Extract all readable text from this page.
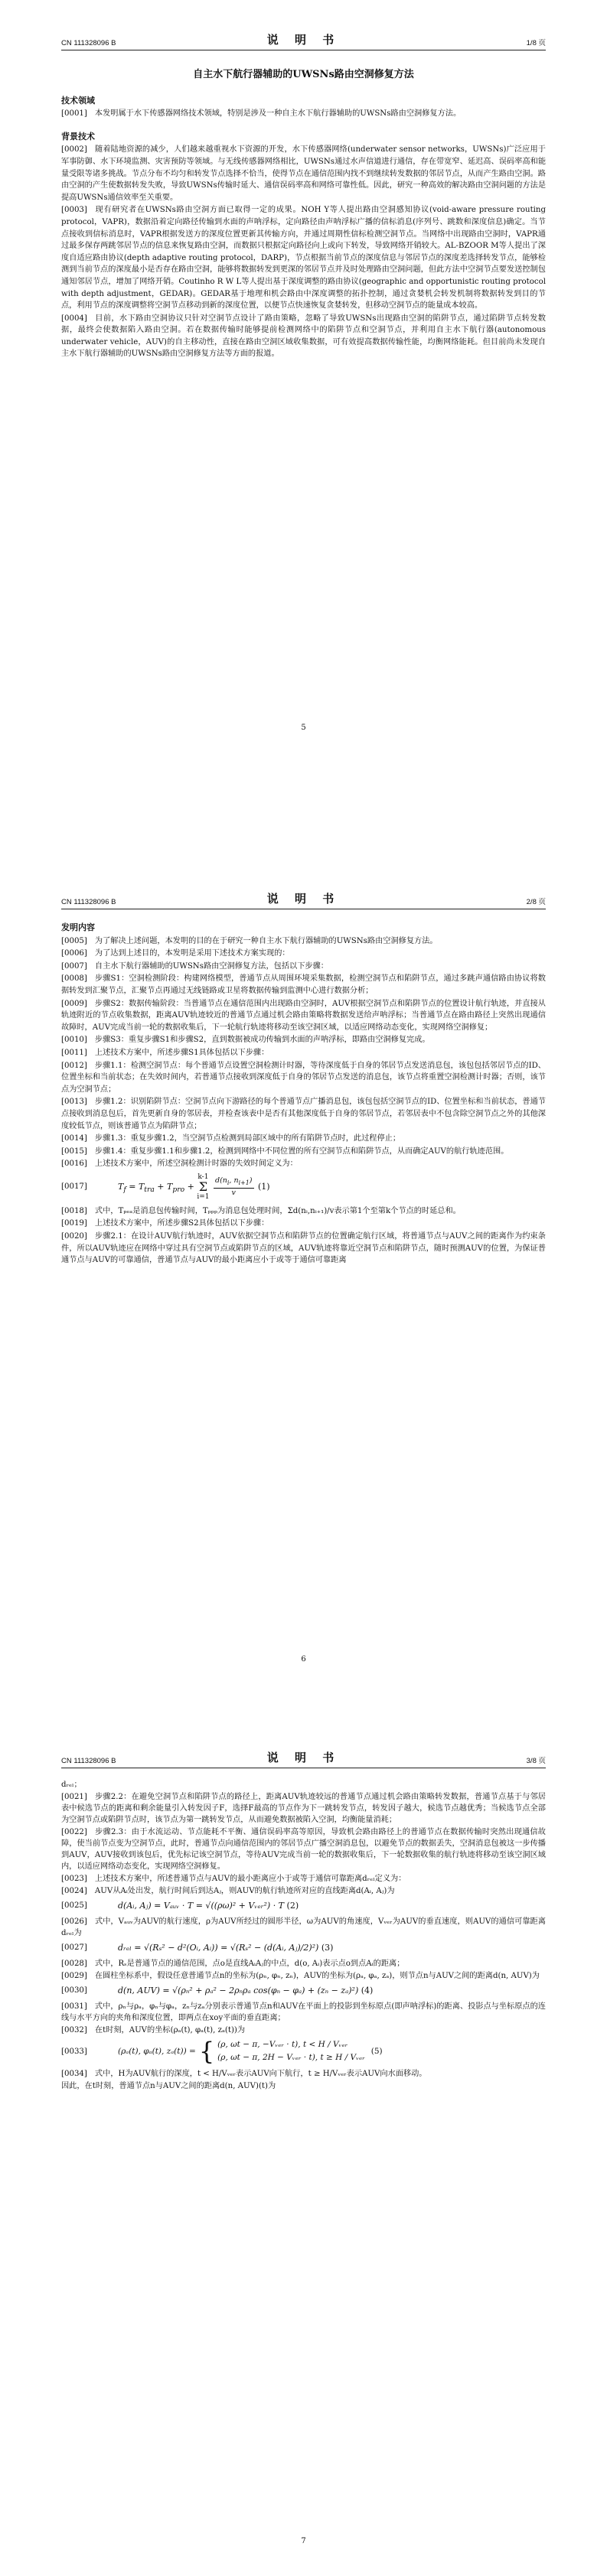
CN 111328096 B	说 明 书	1/8 页
自主水下航行器辅助的UWSNs路由空洞修复方法
技术领域

[0001] 本发明属于水下传感器网络技术领域，特别是涉及一种自主水下航行器辅助的UWSNs路由空洞修复方法。

背景技术

[0002] 随着陆地资源的减少，人们越来越重视水下资源的开发，水下传感器网络(underwater sensor networks，UWSNs)广泛应用于军事防御、水下环境监测、灾害预防等领域。与无线传感器网络相比，UWSNs通过水声信道进行通信，存在带宽窄、延迟高、误码率高和能量受限等诸多挑战。节点分布不均匀和转发节点选择不恰当，使得节点在通信范围内找不到继续转发数据的邻居节点，从而产生路由空洞。路由空洞的产生使数据转发失败，导致UWSNs传输时延大、通信误码率高和网络可靠性低。因此，研究一种高效的解决路由空洞问题的方法是提高UWSNs通信效率至关重要。

[0003] 现有研究者在UWSNs路由空洞方面已取得一定的成果。NOH Y等人提出路由空洞感知协议(void-aware pressure routing protocol，VAPR)，数据沿着定向路径传输到水面的声呐浮标，定向路径由声呐浮标广播的信标消息(序列号、跳数和深度信息)确定。当节点接收到信标消息时，VAPR根据发送方的深度位置更新其传输方向，并通过周期性信标检测空洞节点。当网络中出现路由空洞时，VAPR通过最多保存两跳邻居节点的信息来恢复路由空洞，而数据只根据定向路径向上或向下转发，导致网络开销较大。AL-BZOOR M等人提出了深度自适应路由协议(depth adaptive routing protocol，DARP)，节点根据当前节点的深度信息与邻居节点的深度差选择转发节点，能够检测到当前节点的深度最小是否存在路由空洞，能够将数据转发到更深的邻居节点并及时处理路由空洞问题，但此方法中空洞节点要发送控制包通知邻居节点，增加了网络开销。Coutinho R W L等人提出基于深度调整的路由协议(geographic and opportunistic routing protocol with depth adjustment，GEDAR)。GEDAR基于地理和机会路由中深度调整的拓扑控制，通过贪婪机会转发机制将数据转发到目的节点，利用节点的深度调整将空洞节点移动到新的深度位置，以便节点快速恢复贪婪转发，但移动空洞节点的能量成本较高。

[0004] 目前，水下路由空洞协议只针对空洞节点设计了路由策略，忽略了导致UWSNs出现路由空洞的陷阱节点，通过陷阱节点转发数据，最终会使数据陷入路由空洞。若在数据传输时能够提前检测网络中的陷阱节点和空洞节点，并利用自主水下航行器(autonomous underwater vehicle，AUV)的自主移动性，直接在路由空洞区域收集数据，可有效提高数据传输性能，均衡网络能耗。但目前尚未发现自主水下航行器辅助的UWSNs路由空洞修复方法等方面的报道。

5
CN 111328096 B	说 明 书	2/8 页
发明内容

[0005] 为了解决上述问题，本发明的目的在于研究一种自主水下航行器辅助的UWSNs路由空洞修复方法。

[0006] 为了达到上述目的，本发明是采用下述技术方案实现的：

[0007] 自主水下航行器辅助的UWSNs路由空洞修复方法，包括以下步骤：

[0008] 步骤S1：空洞检测阶段：构建网络模型，普通节点从周围环境采集数据，检测空洞节点和陷阱节点，通过多跳声通信路由协议将数据转发到汇聚节点，汇聚节点再通过无线链路或卫星将数据传输到监测中心进行数据分析；

[0009] 步骤S2：数据传输阶段：当普通节点在通信范围内出现路由空洞时，AUV根据空洞节点和陷阱节点的位置设计航行轨迹，并直接从轨迹附近的节点收集数据，距离AUV轨迹较近的普通节点通过机会路由策略将数据发送给声呐浮标；当普通节点在路由路径上突然出现通信故障时，AUV完成当前一轮的数据收集后，下一轮航行轨迹将移动至该空洞区域，以适应网络动态变化，实现网络空洞修复；

[0010] 步骤S3：重复步骤S1和步骤S2，直到数据被成功传输到水面的声呐浮标，即路由空洞修复完成。

[0011] 上述技术方案中，所述步骤S1具体包括以下步骤：

[0012] 步骤1.1：检测空洞节点：每个普通节点设置空洞检测计时器，等待深度低于自身的邻居节点发送消息包，该包包括邻居节点的ID、位置坐标和当前状态；在失效时间内，若普通节点接收到深度低于自身的邻居节点发送的消息包，该节点将重置空洞检测计时器；否则，该节点为空洞节点；

[0013] 步骤1.2：识别陷阱节点：空洞节点向下游路径的每个普通节点广播消息包，该包包括空洞节点的ID、位置坐标和当前状态，普通节点接收到消息包后，首先更新自身的邻居表，并检查该表中是否有其他深度低于自身的邻居节点，若邻居表中不包含除空洞节点之外的其他深度较低节点，则该普通节点为陷阱节点；

[0014] 步骤1.3：重复步骤1.2，当空洞节点检测到局部区域中的所有陷阱节点时，此过程停止；

[0015] 步骤1.4：重复步骤1.1和步骤1.2，检测到网络中不同位置的所有空洞节点和陷阱节点，从而确定AUV的航行轨迹范围。

[0016] 上述技术方案中，所述空洞检测计时器的失效时间定义为：

[0017]	$T_f = T_{tra} + T_{pro}$ +
k-1
Σ
i=1
$\frac{d(n_i, n_{i+1})}{v} (1)$

[0018] 式中，Tₚₑₐ是消息包传输时间，Tₚₚₚ为消息包处理时间，Σd(nᵢ,nᵢ₊₁)/v表示第1个至第k个节点的时延总和。

[0019] 上述技术方案中，所述步骤S2具体包括以下步骤：

[0020] 步骤2.1：在设计AUV航行轨迹时，AUV依据空洞节点和陷阱节点的位置确定航行区域，将普通节点与AUV之间的距离作为约束条件，所以AUV轨迹应在网络中穿过具有空洞节点或陷阱节点的区域，AUV轨迹将靠近空洞节点和陷阱节点，随时预测AUV的位置，为保证普通节点与AUV的可靠通信，普通节点与AUV的最小距离应小于或等于通信可靠距离

6
CN 111328096 B	说 明 书	3/8 页

dᵣₑₗ；

[0021] 步骤2.2：在避免空洞节点和陷阱节点的路径上，距离AUV轨迹较远的普通节点通过机会路由策略转发数据，普通节点基于与邻居表中候选节点的距离和剩余能量引入转发因子F，选择F最高的节点作为下一跳转发节点，转发因子越大，候选节点越优秀；当候选节点全部为空洞节点或陷阱节点时，该节点为第一跳转发节点，从而避免数据被陷入空洞，均衡能量消耗；

[0022] 步骤2.3：由于水流运动、节点能耗不平衡、通信误码率高等原因，导致机会路由路径上的普通节点在数据传输时突然出现通信故障，使当前节点变为空洞节点，此时，普通节点向通信范围内的邻居节点广播空洞消息包，以避免节点的数据丢失，空洞消息包被这一步传播到AUV，AUV接收到该包后，优先标记该空洞节点，等待AUV完成当前一轮的数据收集后，下一轮数据收集的航行轨迹将移动至该空洞区域内，以适应网络动态变化，实现网络空洞修复。

[0023] 上述技术方案中，所述普通节点与AUV的最小距离应小于或等于通信可靠距离dᵣₑₗ定义为：

[0024] AUV从Aᵢ处出发，航行时间后到达Aⱼ，则AUV的航行轨迹所对应的直线距离d(Aᵢ, Aⱼ)为

[0025]	d(Aᵢ, Aⱼ) = Vₐᵤᵥ · T = √((ρω)² + Vᵥₑᵣ²) · T (2)

[0026] 式中，Vₐᵤᵥ为AUV的航行速度，ρ为AUV所经过的圆形半径，ω为AUV的角速度，Vᵥₑᵣ为AUV的垂直速度，则AUV的通信可靠距离dᵣₑₗ为

[0027]	dᵣₑₗ = √(Rₛ² − d²(Oᵢ, Aᵢ)) = √(Rₛ² − (d(Aᵢ, Aⱼ)/2)²) (3)

[0028] 式中，Rₛ是普通节点的通信范围，点o是直线AᵢAⱼ的中点，d(o, Aᵢ)表示点o到点Aᵢ的距离；

[0029] 在圆柱坐标系中，假设任意普通节点n的坐标为(ρₙ, φₙ, zₙ)，AUV的坐标为(ρₐ, φₐ, zₐ)，则节点n与AUV之间的距离d(n, AUV)为

[0030]	d(n, AUV) = √(ρₙ² + ρₐ² − 2ρₙρₐ cos(φₙ − φₐ) + (zₙ − zₐ)²) (4)

[0031] 式中，ρₙ与ρₐ，φₙ与φₐ，zₙ与zₐ分别表示普通节点n和AUV在平面上的投影到坐标原点(即声呐浮标)的距离、投影点与坐标原点的连线与水平方向的夹角和深度位置，即两点在xoy平面的垂直距离；

[0032] 在t时刻，AUV的坐标(ρₐ(t), φₐ(t), zₐ(t))为

[0033]	(ρₐ(t), φₐ(t), zₐ(t)) = { (ρ, ωt − π, −Vᵥₑᵣ · t), t < H / Vᵥₑᵣ
(ρ, ωt − π, 2H − Vᵥₑᵣ · t), t ≥ H / Vᵥₑᵣ
(5)

[0034] 式中，H为AUV航行的深度，t < H/Vᵥₑᵣ表示AUV向下航行，t ≥ H/Vᵥₑᵣ表示AUV向水面移动。

因此，在t时刻，普通节点n与AUV之间的距离d(n, AUV)(t)为

7
